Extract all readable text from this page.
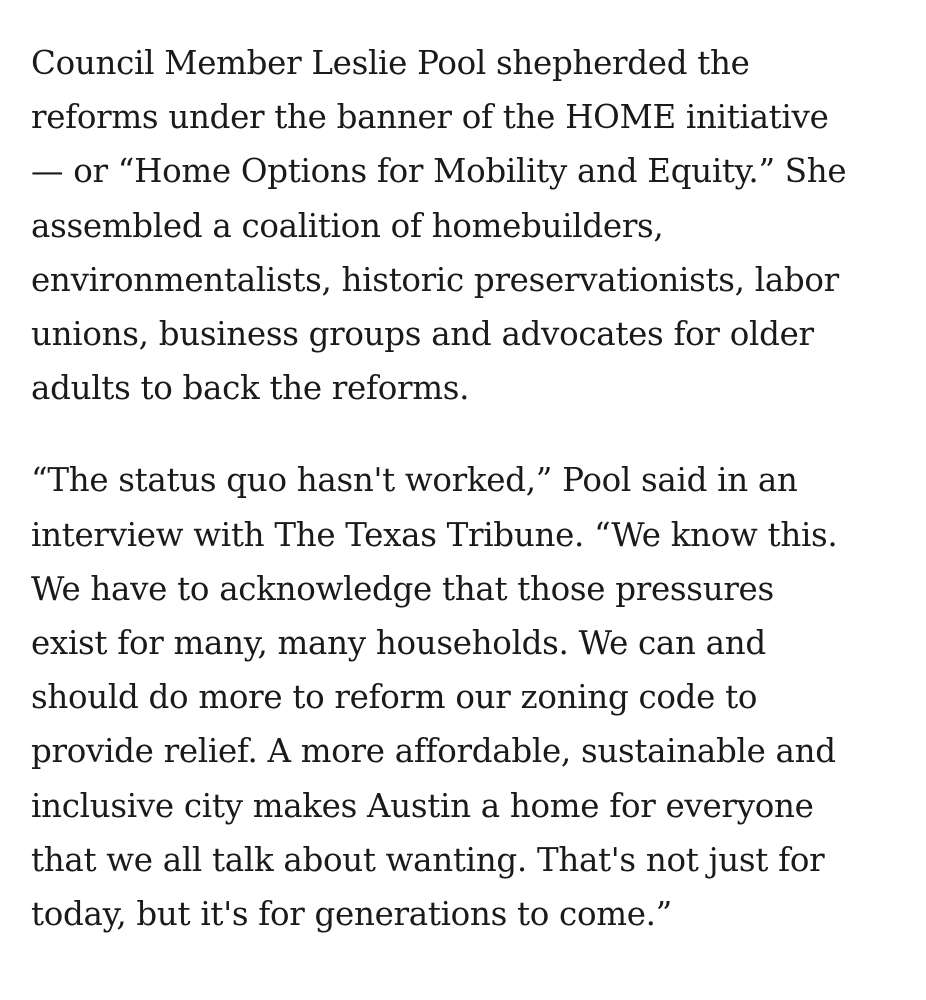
Council Member Leslie Pool shepherded the
reforms under the banner of the HOME initiative
— or “Home Options for Mobility and Equity.” She
assembled a coalition of homebuilders,
environmentalists, historic preservationists, labor
unions, business groups and advocates for older
adults to back the reforms.

“The status quo hasn't worked,” Pool said in an
interview with The Texas Tribune. “We know this.
We have to acknowledge that those pressures
exist for many, many households. We can and
should do more to reform our zoning code to
provide relief. A more affordable, sustainable and
inclusive city makes Austin a home for everyone
that we all talk about wanting. That's not just for
today, but it's for generations to come.”
